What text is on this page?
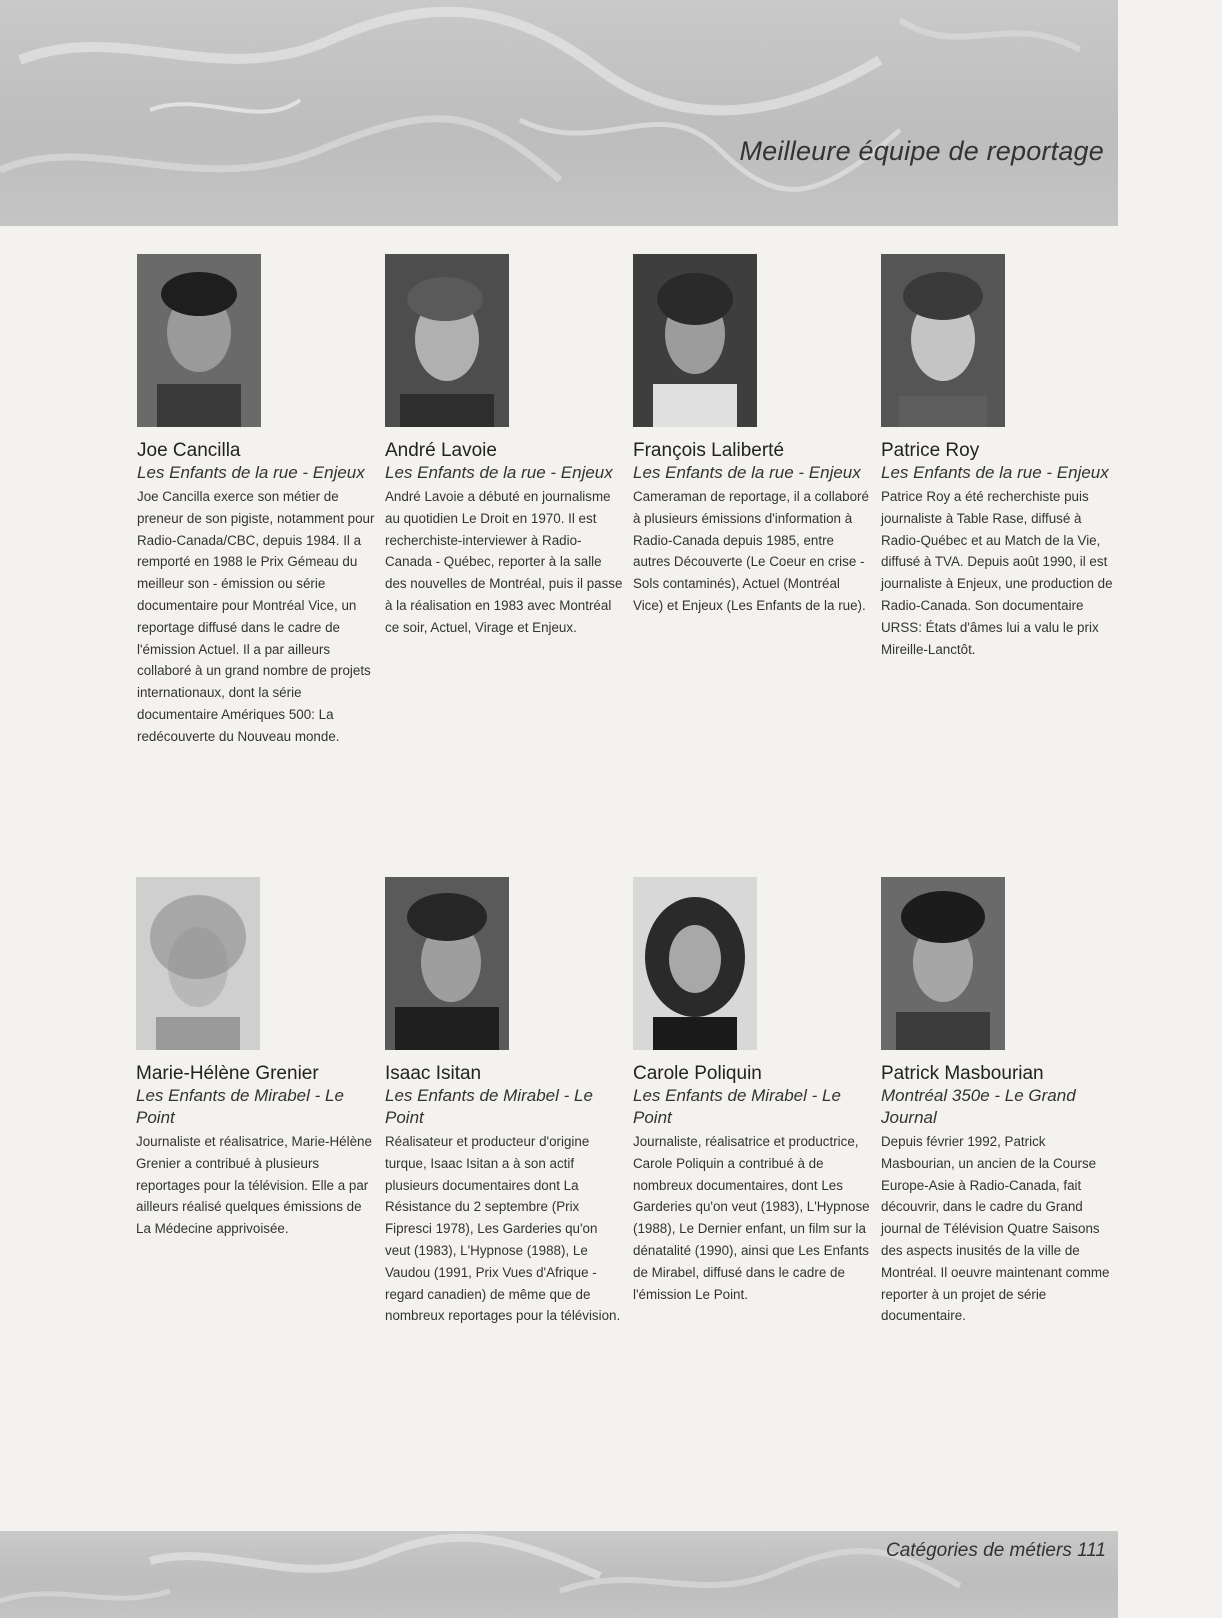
Meilleure équipe de reportage
Joe Cancilla
Les Enfants de la rue - Enjeux
Joe Cancilla exerce son métier de preneur de son pigiste, notamment pour Radio-Canada/CBC, depuis 1984. Il a remporté en 1988 le Prix Gémeau du meilleur son - émission ou série documentaire pour Montréal Vice, un reportage diffusé dans le cadre de l'émission Actuel. Il a par ailleurs collaboré à un grand nombre de projets internationaux, dont la série documentaire Amériques 500: La redécouverte du Nouveau monde.
André Lavoie
Les Enfants de la rue - Enjeux
André Lavoie a débuté en journalisme au quotidien Le Droit en 1970. Il est recherchiste-interviewer à Radio-Canada - Québec, reporter à la salle des nouvelles de Montréal, puis il passe à la réalisation en 1983 avec Montréal ce soir, Actuel, Virage et Enjeux.
François Laliberté
Les Enfants de la rue - Enjeux
Cameraman de reportage, il a collaboré à plusieurs émissions d'information à Radio-Canada depuis 1985, entre autres Découverte (Le Coeur en crise - Sols contaminés), Actuel (Montréal Vice) et Enjeux (Les Enfants de la rue).
Patrice Roy
Les Enfants de la rue - Enjeux
Patrice Roy a été recherchiste puis journaliste à Table Rase, diffusé à Radio-Québec et au Match de la Vie, diffusé à TVA. Depuis août 1990, il est journaliste à Enjeux, une production de Radio-Canada. Son documentaire URSS: États d'âmes lui a valu le prix Mireille-Lanctôt.
Marie-Hélène Grenier
Les Enfants de Mirabel - Le Point
Journaliste et réalisatrice, Marie-Hélène Grenier a contribué à plusieurs reportages pour la télévision. Elle a par ailleurs réalisé quelques émissions de La Médecine apprivoisée.
Isaac Isitan
Les Enfants de Mirabel - Le Point
Réalisateur et producteur d'origine turque, Isaac Isitan a à son actif plusieurs documentaires dont La Résistance du 2 septembre (Prix Fipresci 1978), Les Garderies qu'on veut (1983), L'Hypnose (1988), Le Vaudou (1991, Prix Vues d'Afrique - regard canadien) de même que de nombreux reportages pour la télévision.
Carole Poliquin
Les Enfants de Mirabel - Le Point
Journaliste, réalisatrice et productrice, Carole Poliquin a contribué à de nombreux documentaires, dont Les Garderies qu'on veut (1983), L'Hypnose (1988), Le Dernier enfant, un film sur la dénatalité (1990), ainsi que Les Enfants de Mirabel, diffusé dans le cadre de l'émission Le Point.
Patrick Masbourian
Montréal 350e - Le Grand Journal
Depuis février 1992, Patrick Masbourian, un ancien de la Course Europe-Asie à Radio-Canada, fait découvrir, dans le cadre du Grand journal de Télévision Quatre Saisons des aspects inusités de la ville de Montréal. Il oeuvre maintenant comme reporter à un projet de série documentaire.
Catégories de métiers 111
